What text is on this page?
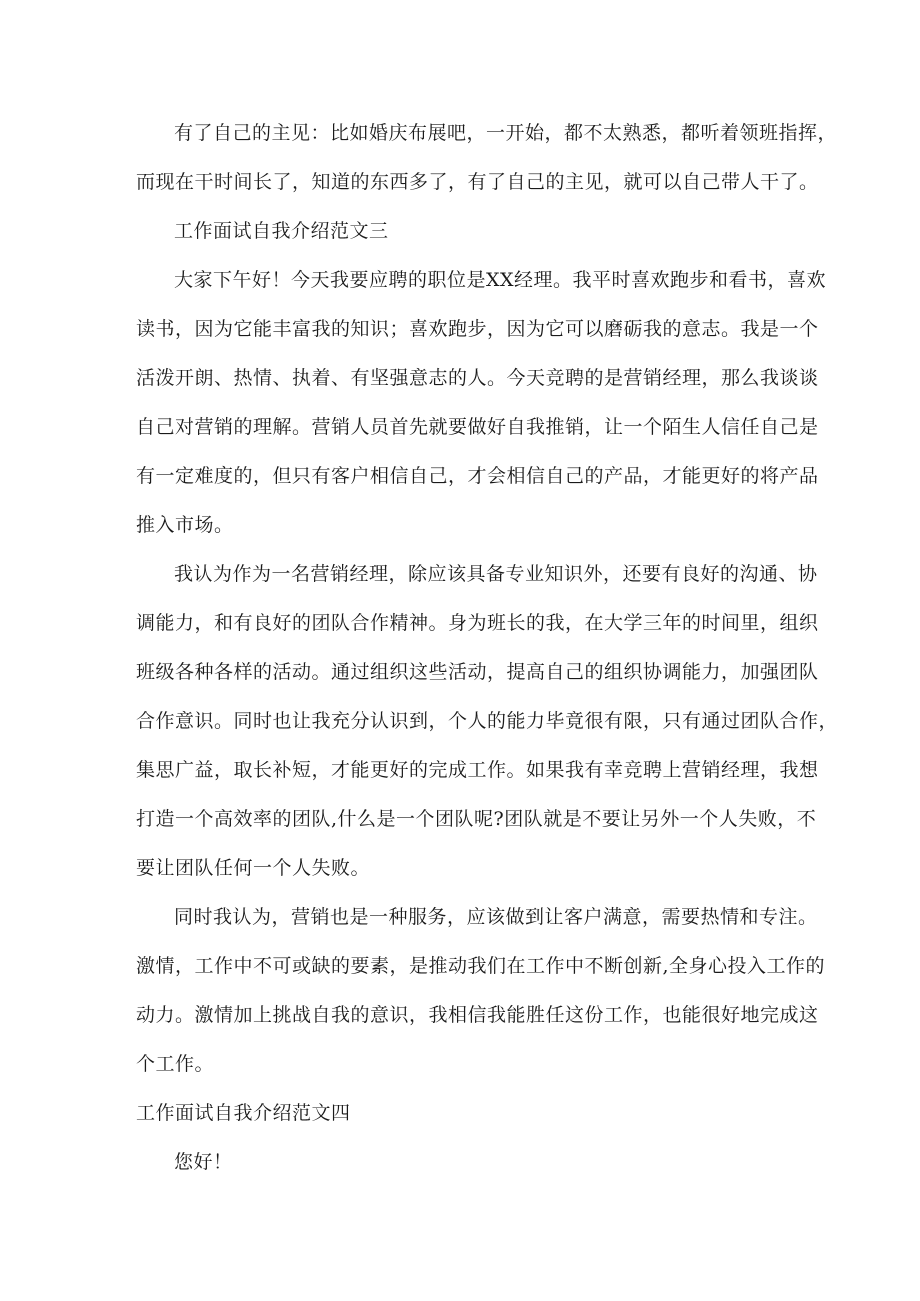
有了自己的主见：比如婚庆布展吧，一开始，都不太熟悉，都听着领班指挥，
而现在干时间长了，知道的东西多了，有了自己的主见，就可以自己带人干了。
工作面试自我介绍范文三
大家下午好！今天我要应聘的职位是XX经理。我平时喜欢跑步和看书，喜欢
读书，因为它能丰富我的知识；喜欢跑步，因为它可以磨砺我的意志。我是一个
活泼开朗、热情、执着、有坚强意志的人。今天竞聘的是营销经理，那么我谈谈
自己对营销的理解。营销人员首先就要做好自我推销，让一个陌生人信任自己是
有一定难度的，但只有客户相信自己，才会相信自己的产品，才能更好的将产品
推入市场。
我认为作为一名营销经理，除应该具备专业知识外，还要有良好的沟通、协
调能力，和有良好的团队合作精神。身为班长的我，在大学三年的时间里，组织
班级各种各样的活动。通过组织这些活动，提高自己的组织协调能力，加强团队
合作意识。同时也让我充分认识到，个人的能力毕竟很有限，只有通过团队合作，
集思广益，取长补短，才能更好的完成工作。如果我有幸竞聘上营销经理，我想
打造一个高效率的团队,什么是一个团队呢?团队就是不要让另外一个人失败，不
要让团队任何一个人失败。
同时我认为，营销也是一种服务，应该做到让客户满意，需要热情和专注。
激情，工作中不可或缺的要素，是推动我们在工作中不断创新,全身心投入工作的
动力。激情加上挑战自我的意识，我相信我能胜任这份工作，也能很好地完成这
个工作。
工作面试自我介绍范文四
您好！
